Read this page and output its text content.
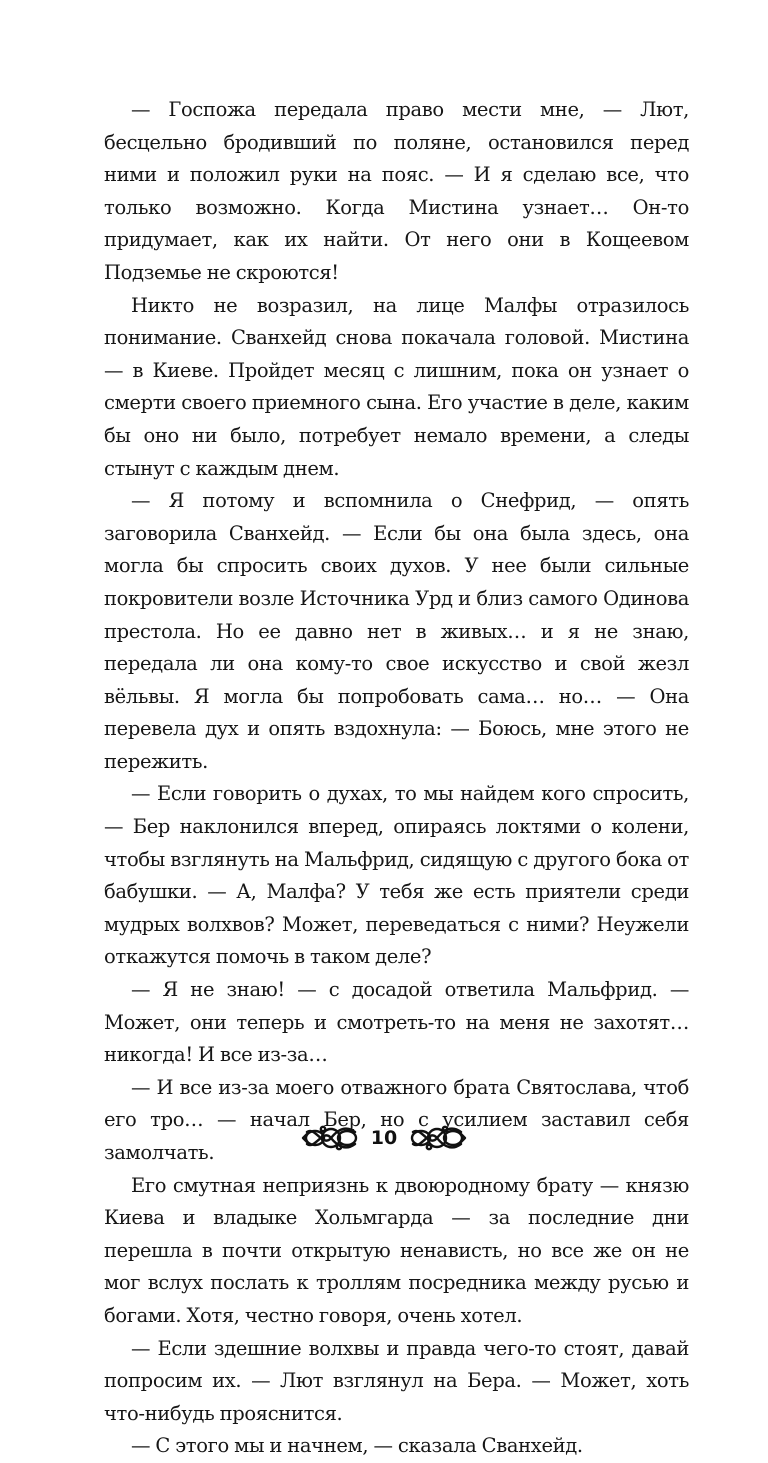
— Госпожа передала право мести мне, — Лют, бесцельно бродивший по поляне, остановился перед ними и положил руки на пояс. — И я сделаю все, что только возможно. Когда Мистина узнает… Он-то придумает, как их найти. От него они в Кощеевом Подземье не скроются!

Никто не возразил, на лице Малфы отразилось понимание. Сванхейд снова покачала головой. Мистина — в Киеве. Пройдет месяц с лишним, пока он узнает о смерти своего приемного сына. Его участие в деле, каким бы оно ни было, потребует немало времени, а следы стынут с каждым днем.

— Я потому и вспомнила о Снефрид, — опять заговорила Сванхейд. — Если бы она была здесь, она могла бы спросить своих духов. У нее были сильные покровители возле Источника Урд и близ самого Одинова престола. Но ее давно нет в живых… и я не знаю, передала ли она кому-то свое искусство и свой жезл вёльвы. Я могла бы попробовать сама… но… — Она перевела дух и опять вздохнула: — Боюсь, мне этого не пережить.

— Если говорить о духах, то мы найдем кого спросить, — Бер наклонился вперед, опираясь локтями о колени, чтобы взглянуть на Мальфрид, сидящую с другого бока от бабушки. — А, Малфа? У тебя же есть приятели среди мудрых волхвов? Может, переведаться с ними? Неужели откажутся помочь в таком деле?

— Я не знаю! — с досадой ответила Мальфрид. — Может, они теперь и смотреть-то на меня не захотят… никогда! И все из-за…

— И все из-за моего отважного брата Святослава, чтоб его тро… — начал Бер, но с усилием заставил себя замолчать.

Его смутная неприязнь к двоюродному брату — князю Киева и владыке Хольмгарда — за последние дни перешла в почти открытую ненависть, но все же он не мог вслух послать к троллям посредника между русью и богами. Хотя, честно говоря, очень хотел.

— Если здешние волхвы и правда чего-то стоят, давай попросим их. — Лют взглянул на Бера. — Может, хоть что-нибудь прояснится.

— С этого мы и начнем, — сказала Сванхейд.

10
